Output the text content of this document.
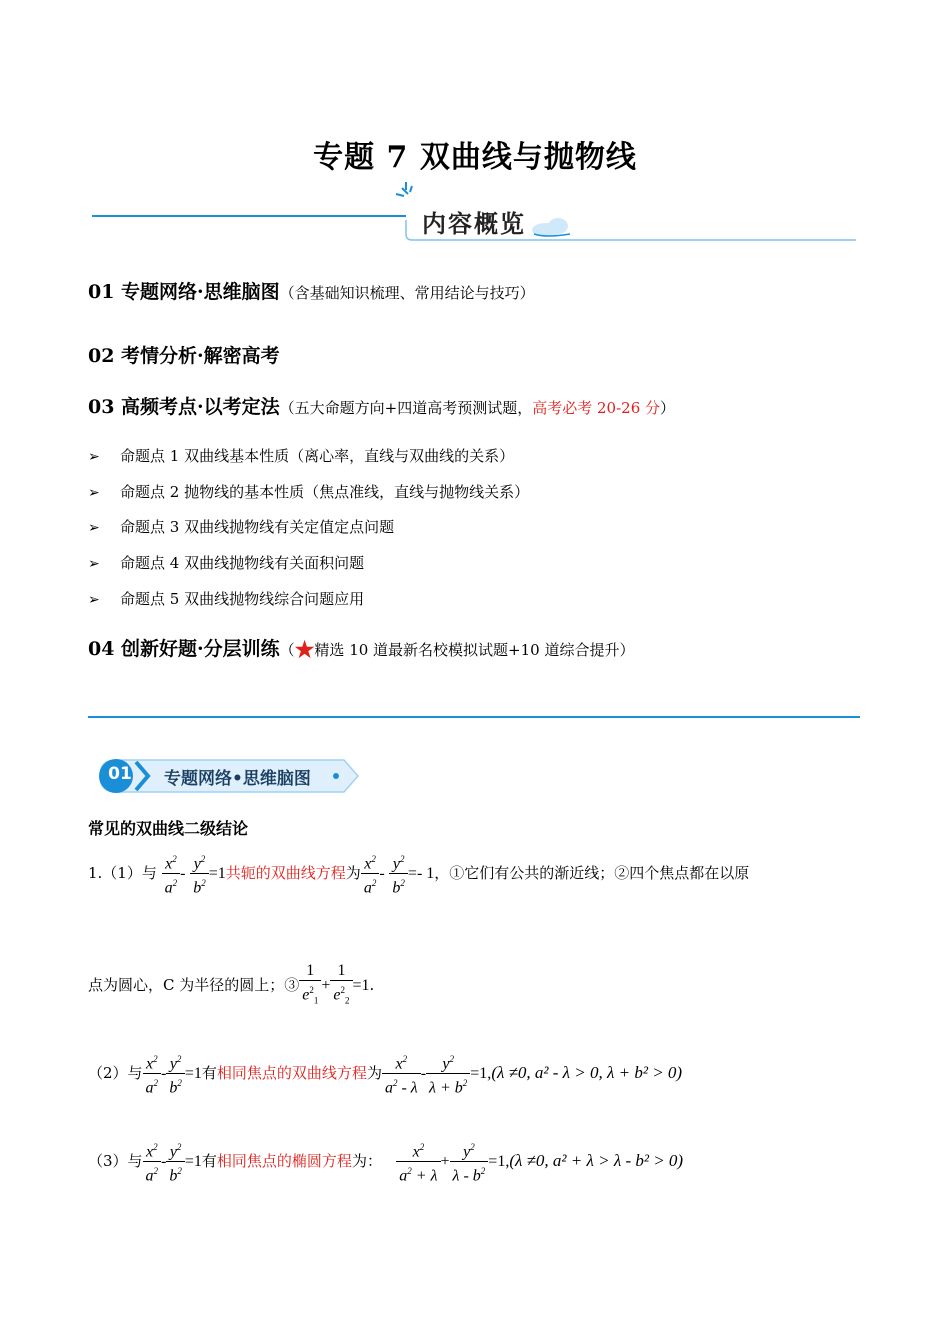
专题 7 双曲线与抛物线
内容概览
01 专题网络·思维脑图（含基础知识梳理、常用结论与技巧）
02 考情分析·解密高考
03 高频考点·以考定法（五大命题方向+四道高考预测试题，高考必考 20-26 分）
➢ 命题点 1 双曲线基本性质（离心率，直线与双曲线的关系）
➢ 命题点 2 抛物线的基本性质（焦点准线，直线与抛物线关系）
➢ 命题点 3 双曲线抛物线有关定值定点问题
➢ 命题点 4 双曲线抛物线有关面积问题
➢ 命题点 5 双曲线抛物线综合问题应用
04 创新好题·分层训练（★精选 10 道最新名校模拟试题+10 道综合提升）
01	专题网络•思维脑图
常见的双曲线二级结论
1.（1）与 $\frac{x^2}{a^2} - \frac{y^2}{b^2} =1$共轭的双曲线方程为 $\frac{x^2}{a^2} - \frac{y^2}{b^2} =- 1$，①它们有公共的渐近线；②四个焦点都在以原
点为圆心，C 为半径的圆上；③ $\frac{1}{e^2_1} + \frac{1}{e^2_2} =1$.
（2）与 $\frac{x^2}{a^2} - \frac{y^2}{b^2} =1$有相同焦点的双曲线方程为 $\frac{x^2}{a^2 - \lambda} - \frac{y^2}{\lambda + b^2} =1,(\lambda \ne 0$, a² - λ > 0, λ + b² > 0)
（3）与 $\frac{x^2}{a^2} - \frac{y^2}{b^2} =1$有相同焦点的椭圆方程为： $\frac{x^2}{a^2 + \lambda} + \frac{y^2}{\lambda - b^2} =1,(\lambda \ne 0$, a² + λ > λ - b² > 0)
